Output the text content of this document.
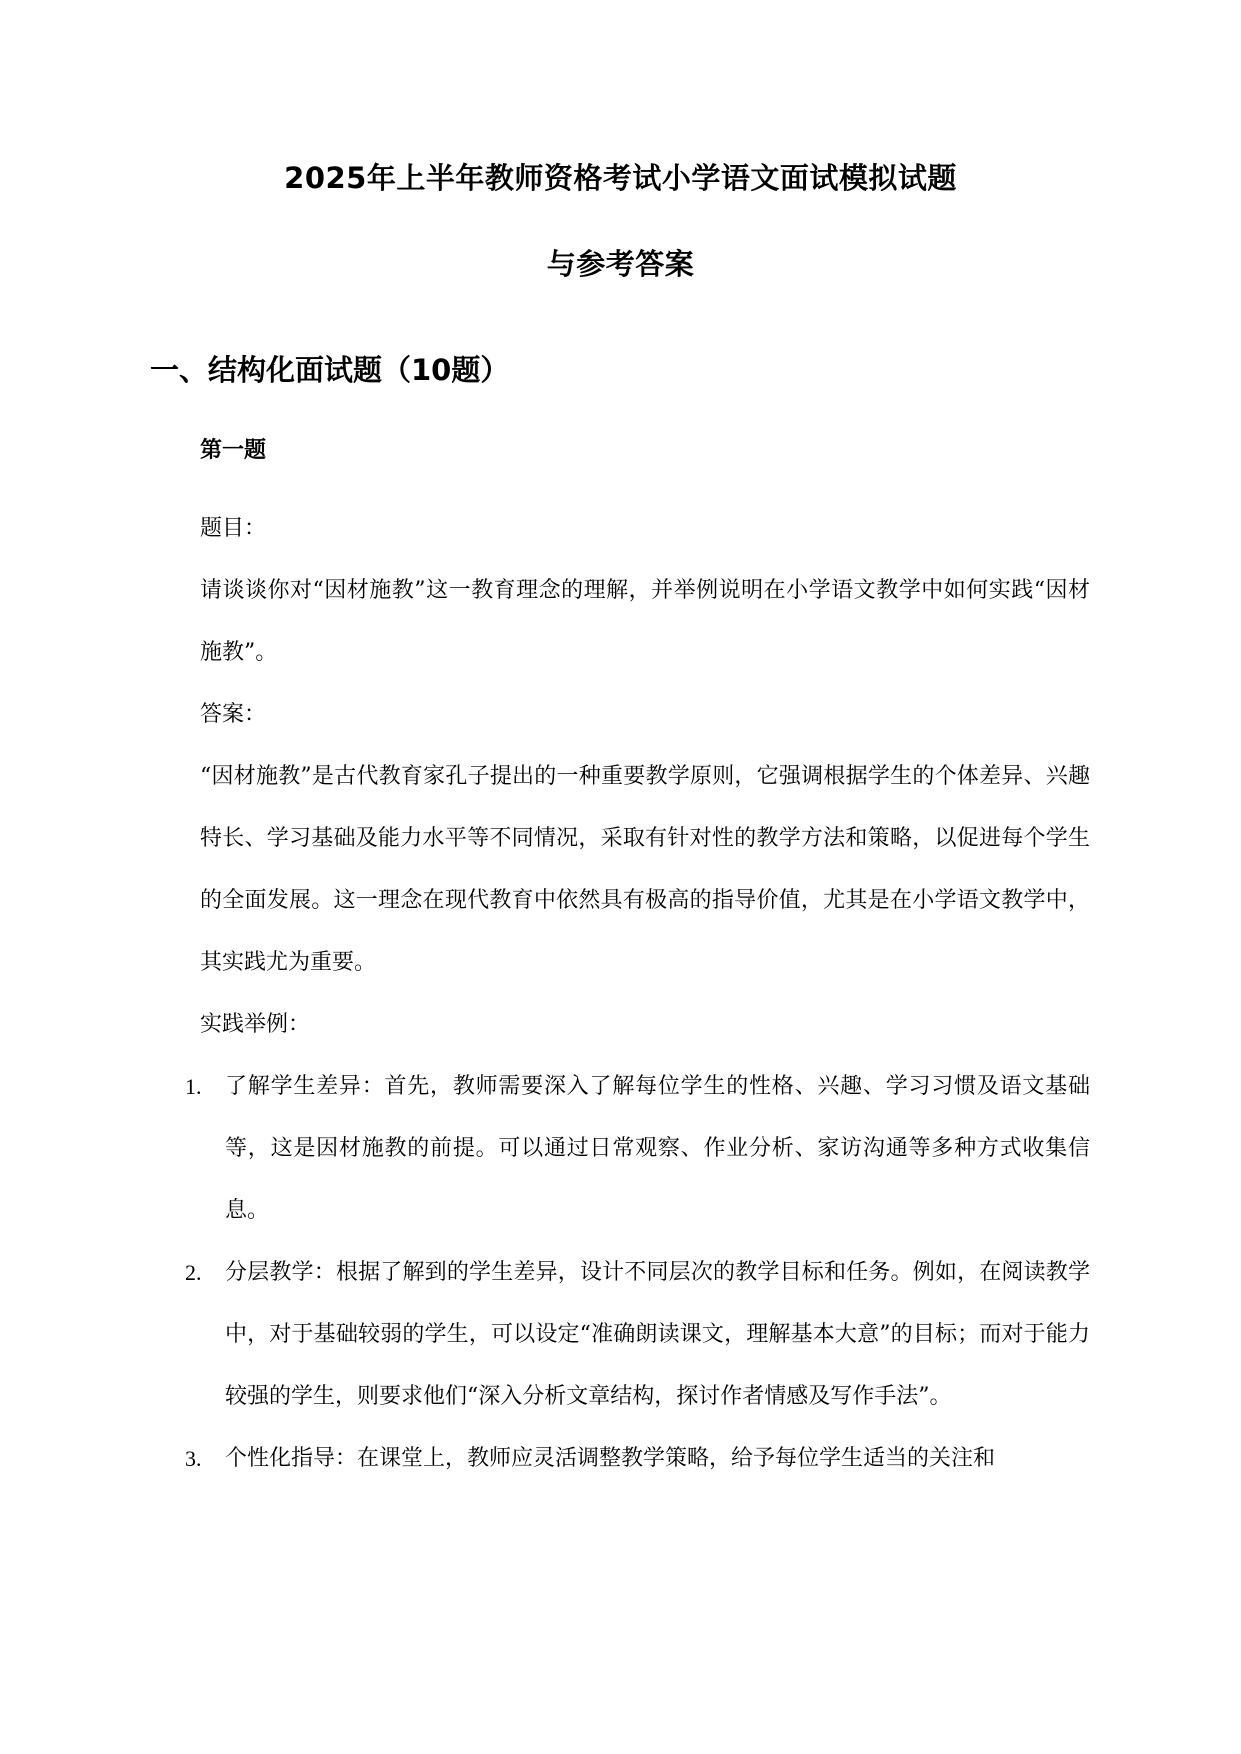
2025年上半年教师资格考试小学语文面试模拟试题
与参考答案
一、结构化面试题（10题）
第一题
题目：
请谈谈你对“因材施教”这一教育理念的理解，并举例说明在小学语文教学中如何实践“因材施教”。
答案：
“因材施教”是古代教育家孔子提出的一种重要教学原则，它强调根据学生的个体差异、兴趣特长、学习基础及能力水平等不同情况，采取有针对性的教学方法和策略，以促进每个学生的全面发展。这一理念在现代教育中依然具有极高的指导价值，尤其是在小学语文教学中，其实践尤为重要。
实践举例：
1. 了解学生差异：首先，教师需要深入了解每位学生的性格、兴趣、学习习惯及语文基础等，这是因材施教的前提。可以通过日常观察、作业分析、家访沟通等多种方式收集信息。
2. 分层教学：根据了解到的学生差异，设计不同层次的教学目标和任务。例如，在阅读教学中，对于基础较弱的学生，可以设定“准确朗读课文，理解基本大意”的目标；而对于能力较强的学生，则要求他们“深入分析文章结构，探讨作者情感及写作手法”。
3. 个性化指导：在课堂上，教师应灵活调整教学策略，给予每位学生适当的关注和
